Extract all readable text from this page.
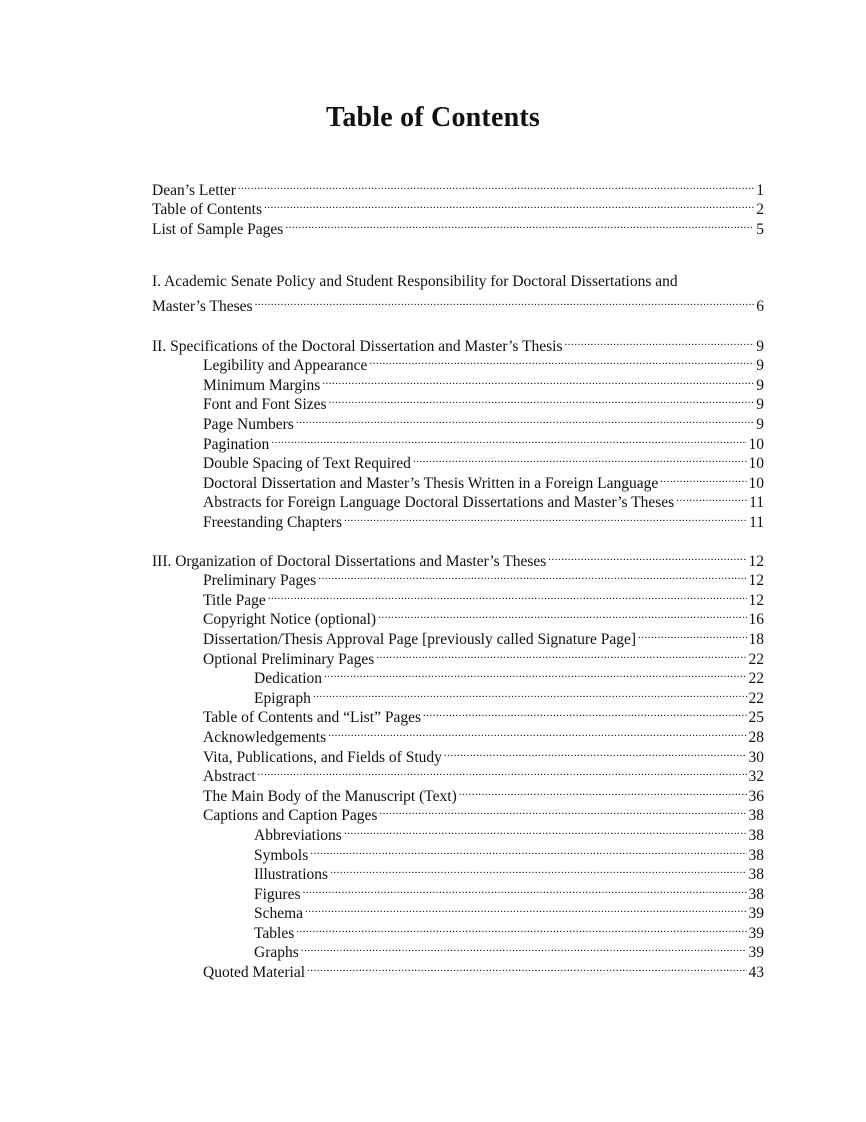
Table of Contents
Dean’s Letter .....	1
Table of Contents .....	2
List of Sample Pages .....	5
I. Academic Senate Policy and Student Responsibility for Doctoral Dissertations and
Master’s Theses .....	6
II. Specifications of the Doctoral Dissertation and Master’s Thesis .....	9
Legibility and Appearance .....	9
Minimum Margins .....	9
Font and Font Sizes .....	9
Page Numbers .....	9
Pagination .....	10
Double Spacing of Text Required .....	10
Doctoral Dissertation and Master’s Thesis Written in a Foreign Language .....	10
Abstracts for Foreign Language Doctoral Dissertations and Master’s Theses .....	11
Freestanding Chapters .....	11
III. Organization of Doctoral Dissertations and Master’s Theses .....	12
Preliminary Pages .....	12
Title Page .....	12
Copyright Notice (optional) .....	16
Dissertation/Thesis Approval Page [previously called Signature Page] .....	18
Optional Preliminary Pages .....	22
Dedication .....	22
Epigraph .....	22
Table of Contents and “List” Pages .....	25
Acknowledgements .....	28
Vita, Publications, and Fields of Study .....	30
Abstract .....	32
The Main Body of the Manuscript (Text) .....	36
Captions and Caption Pages .....	38
Abbreviations .....	38
Symbols .....	38
Illustrations .....	38
Figures .....	38
Schema .....	39
Tables .....	39
Graphs .....	39
Quoted Material .....	43
